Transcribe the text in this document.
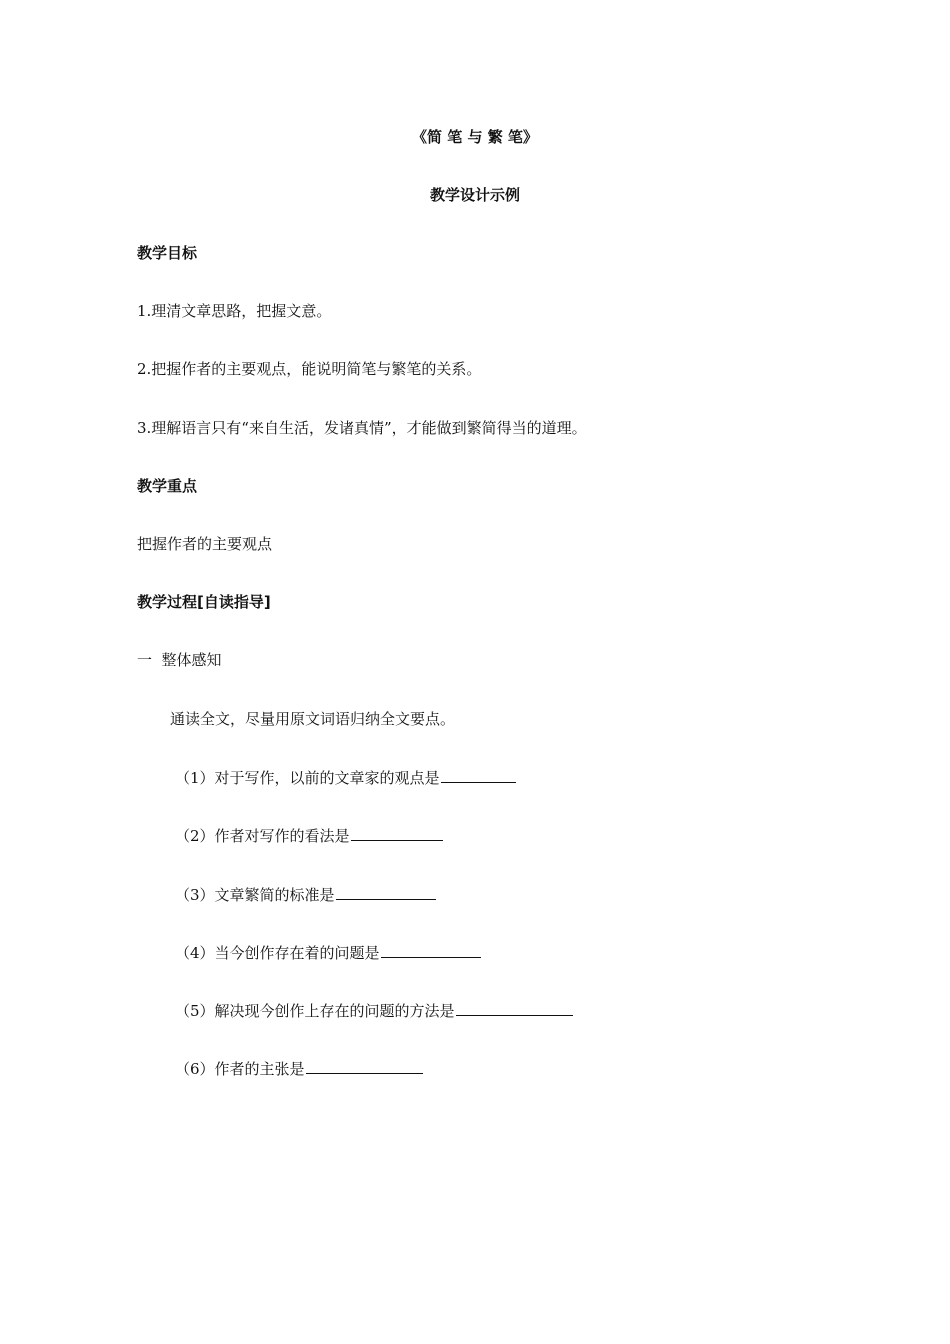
《简 笔 与 繁 笔》
教学设计示例
教学目标
1.理清文章思路，把握文意。
2.把握作者的主要观点，能说明简笔与繁笔的关系。
3.理解语言只有“来自生活，发诸真情”，才能做到繁简得当的道理。
教学重点
把握作者的主要观点
教学过程[自读指导]
一  整体感知
通读全文，尽量用原文词语归纳全文要点。
（1）对于写作，以前的文章家的观点是
（2）作者对写作的看法是
（3）文章繁简的标准是
（4）当今创作存在着的问题是
（5）解决现今创作上存在的问题的方法是
（6）作者的主张是
